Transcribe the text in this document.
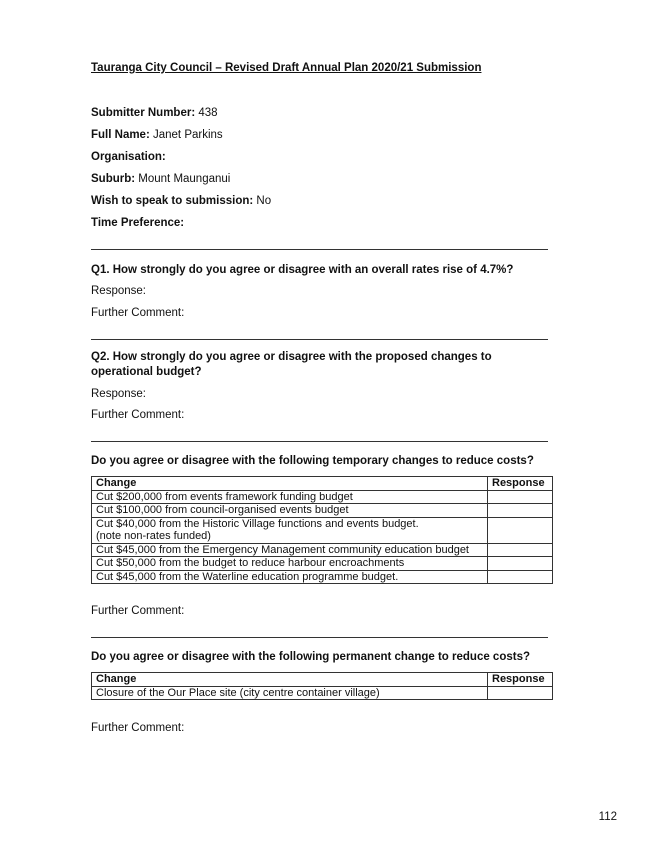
Tauranga City Council – Revised Draft Annual Plan 2020/21 Submission
Submitter Number: 438
Full Name: Janet Parkins
Organisation:
Suburb: Mount Maunganui
Wish to speak to submission: No
Time Preference:
Q1. How strongly do you agree or disagree with an overall rates rise of 4.7%?
Response:
Further Comment:
Q2. How strongly do you agree or disagree with the proposed changes to operational budget?
Response:
Further Comment:
Do you agree or disagree with the following temporary changes to reduce costs?
Change	Response
Cut $200,000 from events framework funding budget	
Cut $100,000 from council-organised events budget	

Cut $40,000 from the Historic Village functions and events budget.
(note non-rates funded)	

Cut $45,000 from the Emergency Management community education budget	
Cut $50,000 from the budget to reduce harbour encroachments	
Cut $45,000 from the Waterline education programme budget.	
Further Comment:
Do you agree or disagree with the following permanent change to reduce costs?
Change	Response
Closure of the Our Place site (city centre container village)	
Further Comment:
112
